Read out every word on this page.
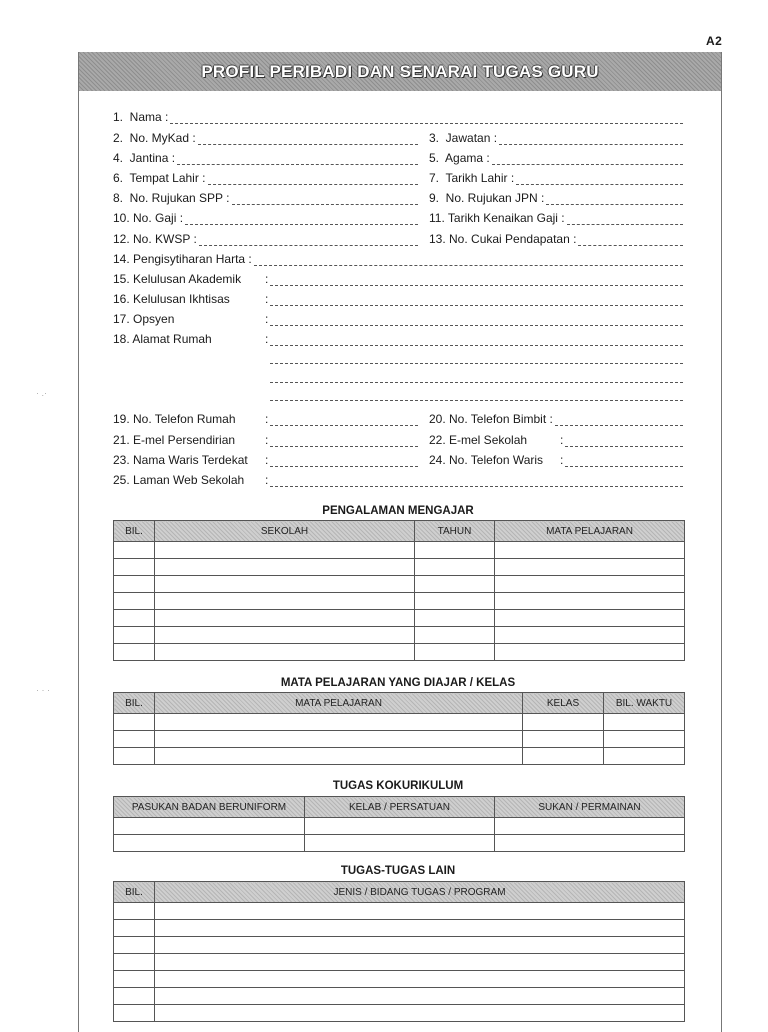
A2
PROFIL PERIBADI DAN SENARAI TUGAS GURU
1.  Nama :
2.  No. MyKad :	3.  Jawatan :
4.  Jantina :	5.  Agama :
6.  Tempat Lahir :	7.  Tarikh Lahir :
8.  No. Rujukan SPP :	9.  No. Rujukan JPN :
10. No. Gaji :	11. Tarikh Kenaikan Gaji :
12. No. KWSP :	13. No. Cukai Pendapatan :
14. Pengisytiharan Harta :
15. Kelulusan Akademik	:
16. Kelulusan Ikhtisas	:
17. Opsyen	:
18. Alamat Rumah	:
19. No. Telefon Rumah	:	20. No. Telefon Bimbit :
21. E-mel Persendirian	:	22. E-mel Sekolah	:
23. Nama Waris Terdekat	:	24. No. Telefon Waris	:
25. Laman Web Sekolah	:
PENGALAMAN MENGAJAR
BIL.	SEKOLAH	TAHUN	MATA PELAJARAN

MATA PELAJARAN YANG DIAJAR / KELAS
BIL.	MATA PELAJARAN	KELAS	BIL. WAKTU

TUGAS KOKURIKULUM
PASUKAN BADAN BERUNIFORM	KELAB / PERSATUAN	SUKAN / PERMAINAN

TUGAS-TUGAS LAIN
BIL.	JENIS / BIDANG TUGAS / PROGRAM

· .·
· · ·
